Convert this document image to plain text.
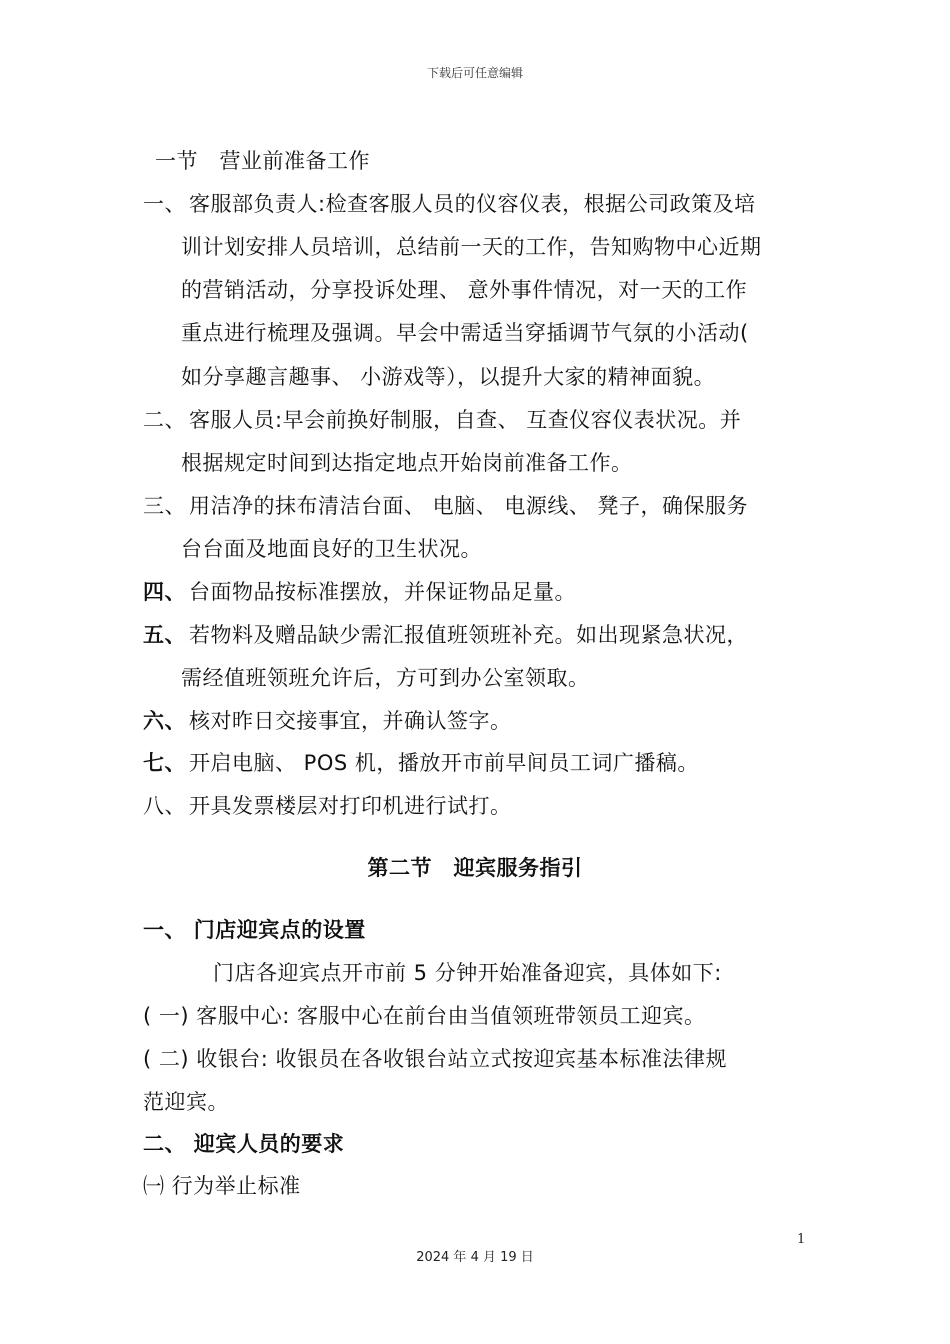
下载后可任意编辑
一节　营业前准备工作
一、 客服部负责人:检查客服人员的仪容仪表，根据公司政策及培
训计划安排人员培训，总结前一天的工作，告知购物中心近期
的营销活动，分享投诉处理、 意外事件情况，对一天的工作
重点进行梳理及强调。早会中需适当穿插调节气氛的小活动(
如分享趣言趣事、 小游戏等），以提升大家的精神面貌。
二、 客服人员:早会前换好制服，自查、 互查仪容仪表状况。并
根据规定时间到达指定地点开始岗前准备工作。
三、 用洁净的抹布清洁台面、 电脑、 电源线、 凳子，确保服务
台台面及地面良好的卫生状况。
四、 台面物品按标准摆放，并保证物品足量。
五、 若物料及赠品缺少需汇报值班领班补充。如出现紧急状况，
需经值班领班允许后，方可到办公室领取。
六、 核对昨日交接事宜，并确认签字。
七、 开启电脑、 POS 机，播放开市前早间员工词广播稿。
八、 开具发票楼层对打印机进行试打。
第二节　迎宾服务指引
一、 门店迎宾点的设置
门店各迎宾点开市前 5 分钟开始准备迎宾，具体如下:
( 一) 客服中心: 客服中心在前台由当值领班带领员工迎宾。
( 二) 收银台: 收银员在各收银台站立式按迎宾基本标准法律规
范迎宾。
二、 迎宾人员的要求
㈠ 行为举止标准
1
2024 年 4 月 19 日
